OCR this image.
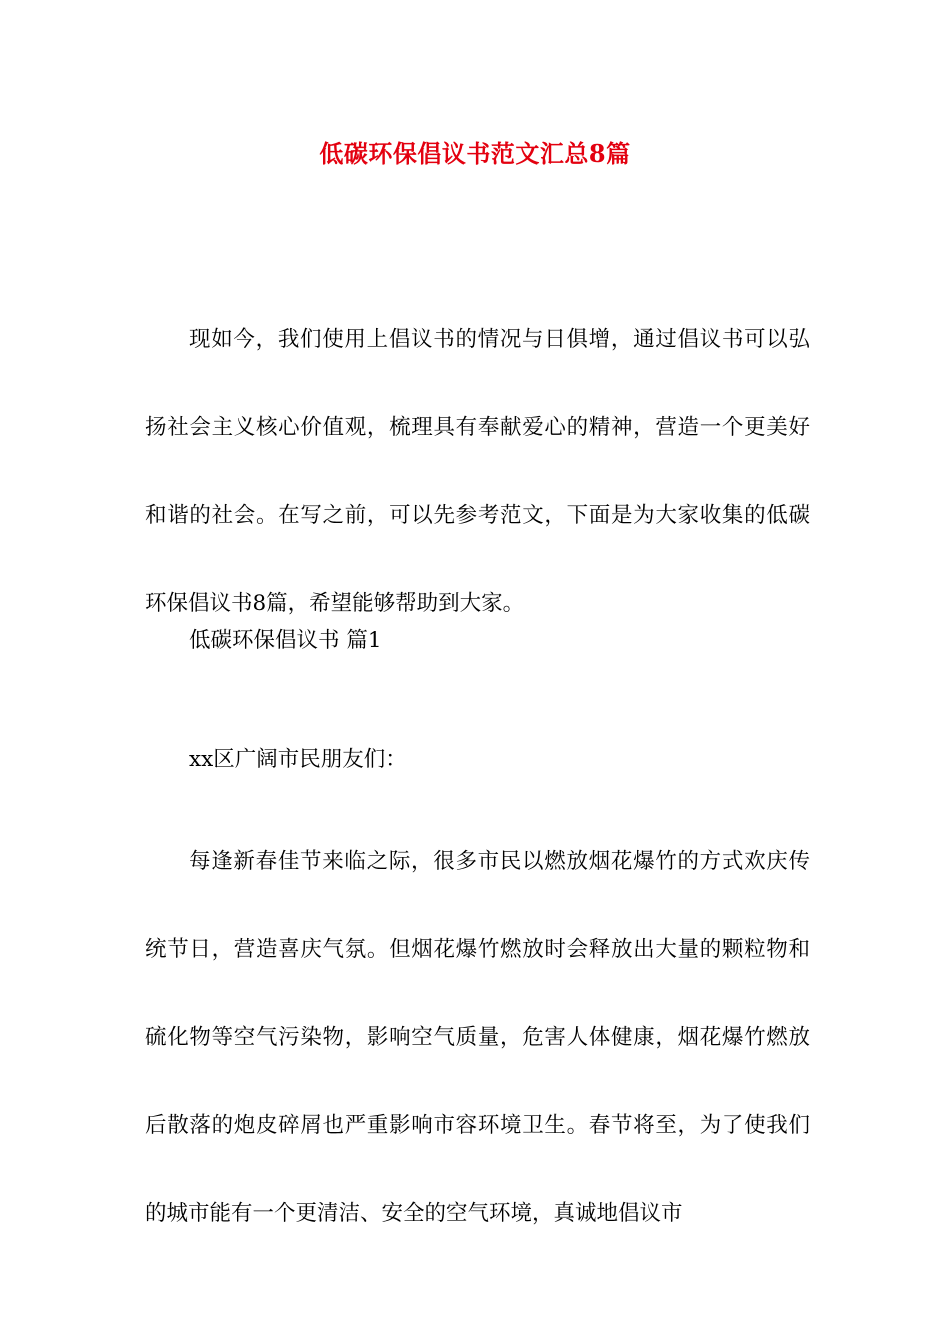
低碳环保倡议书范文汇总8篇

现如今，我们使用上倡议书的情况与日俱增，通过倡议书可以弘扬社会主义核心价值观，梳理具有奉献爱心的精神，营造一个更美好和谐的社会。在写之前，可以先参考范文，下面是为大家收集的低碳环保倡议书8篇，希望能够帮助到大家。

低碳环保倡议书 篇1
xx区广阔市民朋友们：

每逢新春佳节来临之际，很多市民以燃放烟花爆竹的方式欢庆传统节日，营造喜庆气氛。但烟花爆竹燃放时会释放出大量的颗粒物和硫化物等空气污染物，影响空气质量，危害人体健康，烟花爆竹燃放后散落的炮皮碎屑也严重影响市容环境卫生。春节将至，为了使我们的城市能有一个更清洁、安全的空气环境，真诚地倡议市
